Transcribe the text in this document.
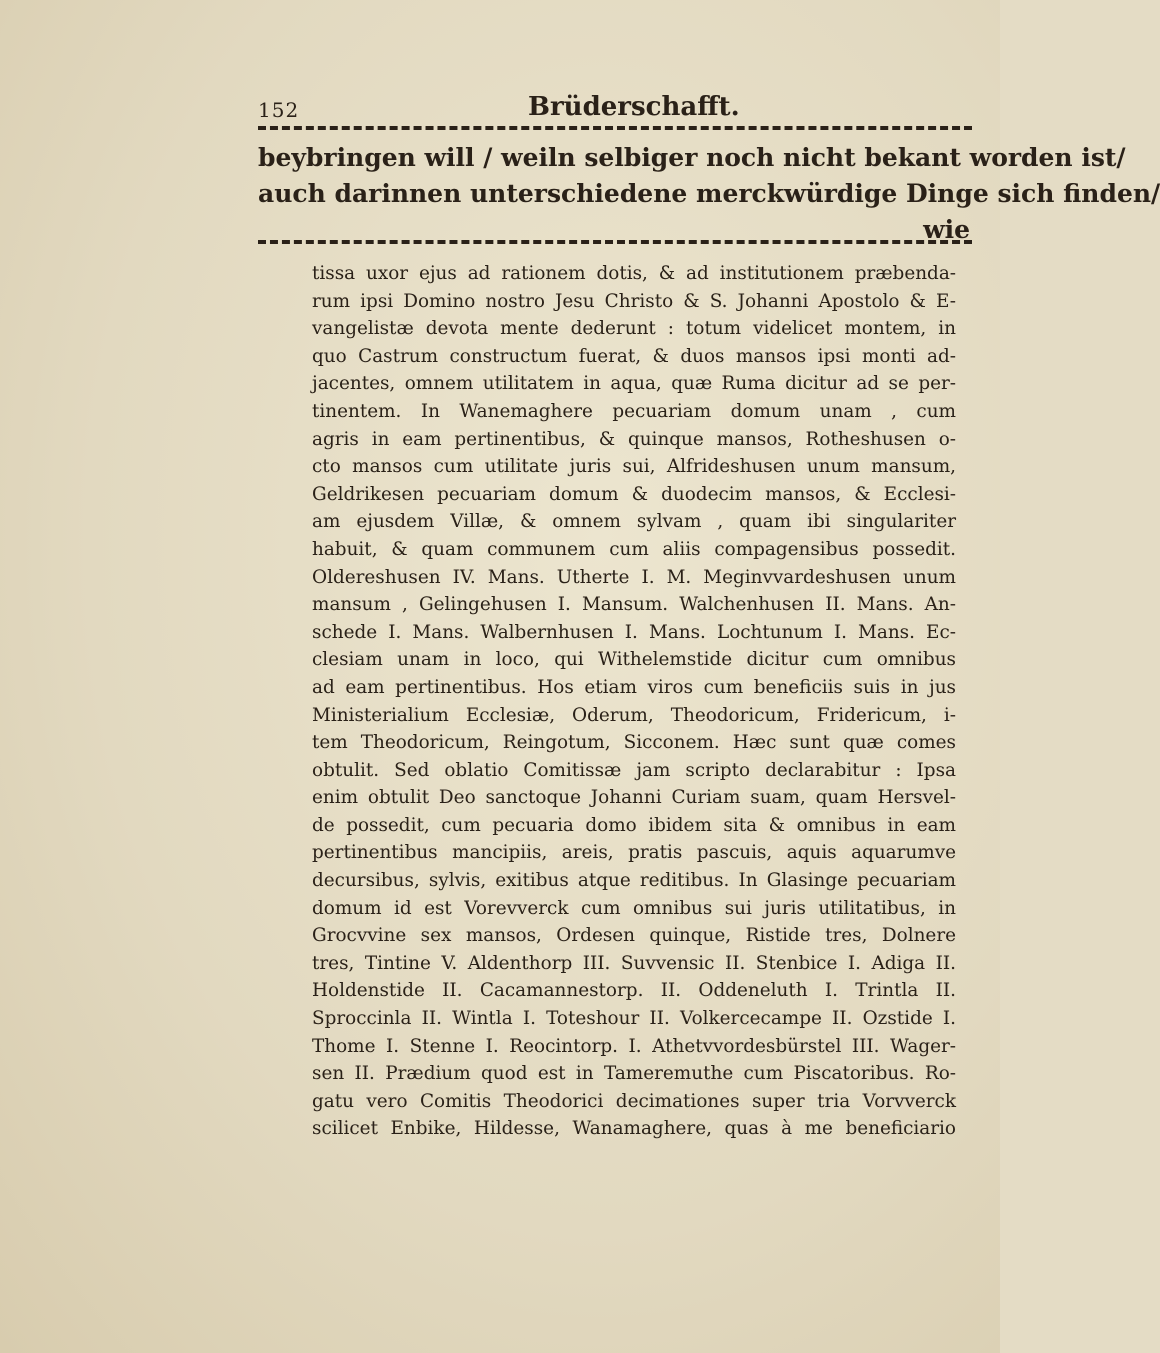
152	Brüderschafft.
beybringen will / weiln selbiger noch nicht bekant worden ist/
auch darinnen unterschiedene merckwürdige Dinge sich finden/
wie
tissa uxor ejus ad rationem dotis, & ad institutionem præbenda-
rum ipsi Domino nostro Jesu Christo & S. Johanni Apostolo & E-
vangelistæ devota mente dederunt : totum videlicet montem, in
quo Castrum constructum fuerat, & duos mansos ipsi monti ad-
jacentes, omnem utilitatem in aqua, quæ Ruma dicitur ad se per-
tinentem. In Wanemaghere pecuariam domum unam , cum
agris in eam pertinentibus, & quinque mansos, Rotheshusen o-
cto mansos cum utilitate juris sui, Alfrideshusen unum mansum,
Geldrikesen pecuariam domum & duodecim mansos, & Ecclesi-
am ejusdem Villæ, & omnem sylvam , quam ibi singulariter
habuit, & quam communem cum aliis compagensibus possedit.
Oldereshusen IV. Mans. Utherte I. M. Meginvvardeshusen unum
mansum , Gelingehusen I. Mansum. Walchenhusen II. Mans. An-
schede I. Mans. Walbernhusen I. Mans. Lochtunum I. Mans. Ec-
clesiam unam in loco, qui Withelemstide dicitur cum omnibus
ad eam pertinentibus. Hos etiam viros cum beneficiis suis in jus
Ministerialium Ecclesiæ, Oderum, Theodoricum, Fridericum, i-
tem Theodoricum, Reingotum, Sicconem. Hæc sunt quæ comes
obtulit. Sed oblatio Comitissæ jam scripto declarabitur : Ipsa
enim obtulit Deo sanctoque Johanni Curiam suam, quam Hersvel-
de possedit, cum pecuaria domo ibidem sita & omnibus in eam
pertinentibus mancipiis, areis, pratis pascuis, aquis aquarumve
decursibus, sylvis, exitibus atque reditibus. In Glasinge pecuariam
domum id est Vorevverck cum omnibus sui juris utilitatibus, in
Grocvvine sex mansos, Ordesen quinque, Ristide tres, Dolnere
tres, Tintine V. Aldenthorp III. Suvvensic II. Stenbice I. Adiga II.
Holdenstide II. Cacamannestorp. II. Oddeneluth I. Trintla II.
Sproccinla II. Wintla I. Toteshour II. Volkercecampe II. Ozstide I.
Thome I. Stenne I. Reocintorp. I. Athetvvordesbürstel III. Wager-
sen II. Prædium quod est in Tameremuthe cum Piscatoribus. Ro-
gatu vero Comitis Theodorici decimationes super tria Vorvverck
scilicet Enbike, Hildesse, Wanamaghere, quas à me beneficiario
